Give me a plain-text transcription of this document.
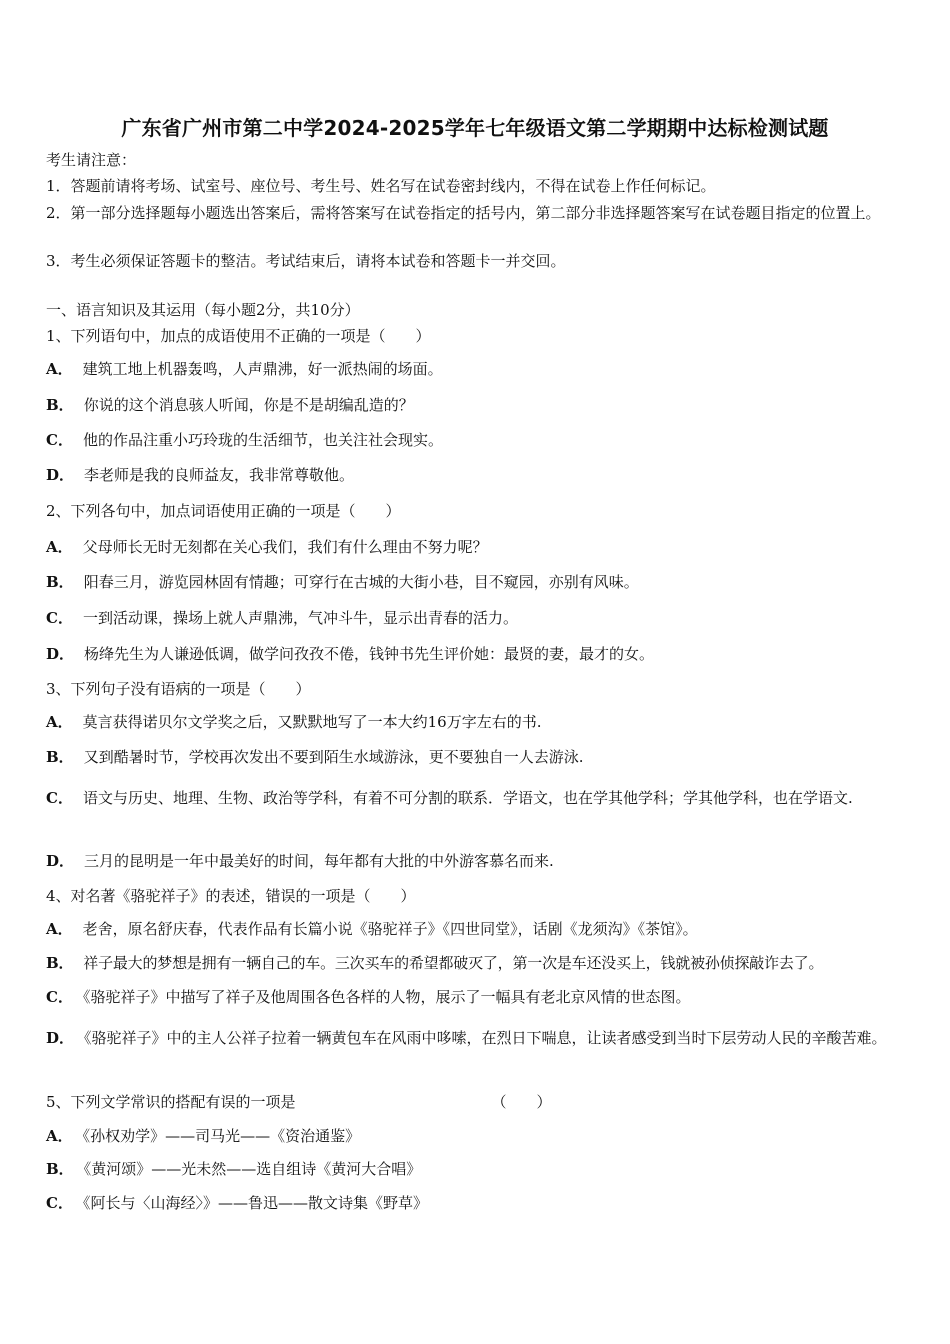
广东省广州市第二中学2024-2025学年七年级语文第二学期期中达标检测试题
考生请注意：
1．答题前请将考场、试室号、座位号、考生号、姓名写在试卷密封线内，不得在试卷上作任何标记。
2．第一部分选择题每小题选出答案后，需将答案写在试卷指定的括号内，第二部分非选择题答案写在试卷题目指定的位置上。
3．考生必须保证答题卡的整洁。考试结束后，请将本试卷和答题卡一并交回。
一、语言知识及其运用（每小题2分，共10分）
1、下列语句中，加点的成语使用不正确的一项是（　　）
A． 建筑工地上机器轰鸣，人声鼎沸，好一派热闹的场面。
B． 你说的这个消息骇人听闻，你是不是胡编乱造的？
C． 他的作品注重小巧玲珑的生活细节，也关注社会现实。
D． 李老师是我的良师益友，我非常尊敬他。
2、下列各句中，加点词语使用正确的一项是（　　）
A． 父母师长无时无刻都在关心我们，我们有什么理由不努力呢？
B． 阳春三月，游览园林固有情趣；可穿行在古城的大街小巷，目不窥园，亦别有风味。
C． 一到活动课，操场上就人声鼎沸，气冲斗牛，显示出青春的活力。
D． 杨绛先生为人谦逊低调，做学问孜孜不倦，钱钟书先生评价她：最贤的妻，最才的女。
3、下列句子没有语病的一项是（　　）
A． 莫言获得诺贝尔文学奖之后，又默默地写了一本大约16万字左右的书.
B． 又到酷暑时节，学校再次发出不要到陌生水域游泳，更不要独自一人去游泳.
C． 语文与历史、地理、生物、政治等学科，有着不可分割的联系．学语文，也在学其他学科；学其他学科，也在学语文.
D． 三月的昆明是一年中最美好的时间，每年都有大批的中外游客慕名而来.
4、对名著《骆驼祥子》的表述，错误的一项是（　　）
A． 老舍，原名舒庆春，代表作品有长篇小说《骆驼祥子》《四世同堂》，话剧《龙须沟》《茶馆》。
B． 祥子最大的梦想是拥有一辆自己的车。三次买车的希望都破灭了，第一次是车还没买上，钱就被孙侦探敲诈去了。
C． 《骆驼祥子》中描写了祥子及他周围各色各样的人物，展示了一幅具有老北京风情的世态图。
D． 《骆驼祥子》中的主人公祥子拉着一辆黄包车在风雨中哆嗦，在烈日下喘息，让读者感受到当时下层劳动人民的辛酸苦难。
5、下列文学常识的搭配有误的一项是	（　　）
A． 《孙权劝学》——司马光——《资治通鉴》
B． 《黄河颂》——光未然——选自组诗《黄河大合唱》
C． 《阿长与〈山海经〉》——鲁迅——散文诗集《野草》
